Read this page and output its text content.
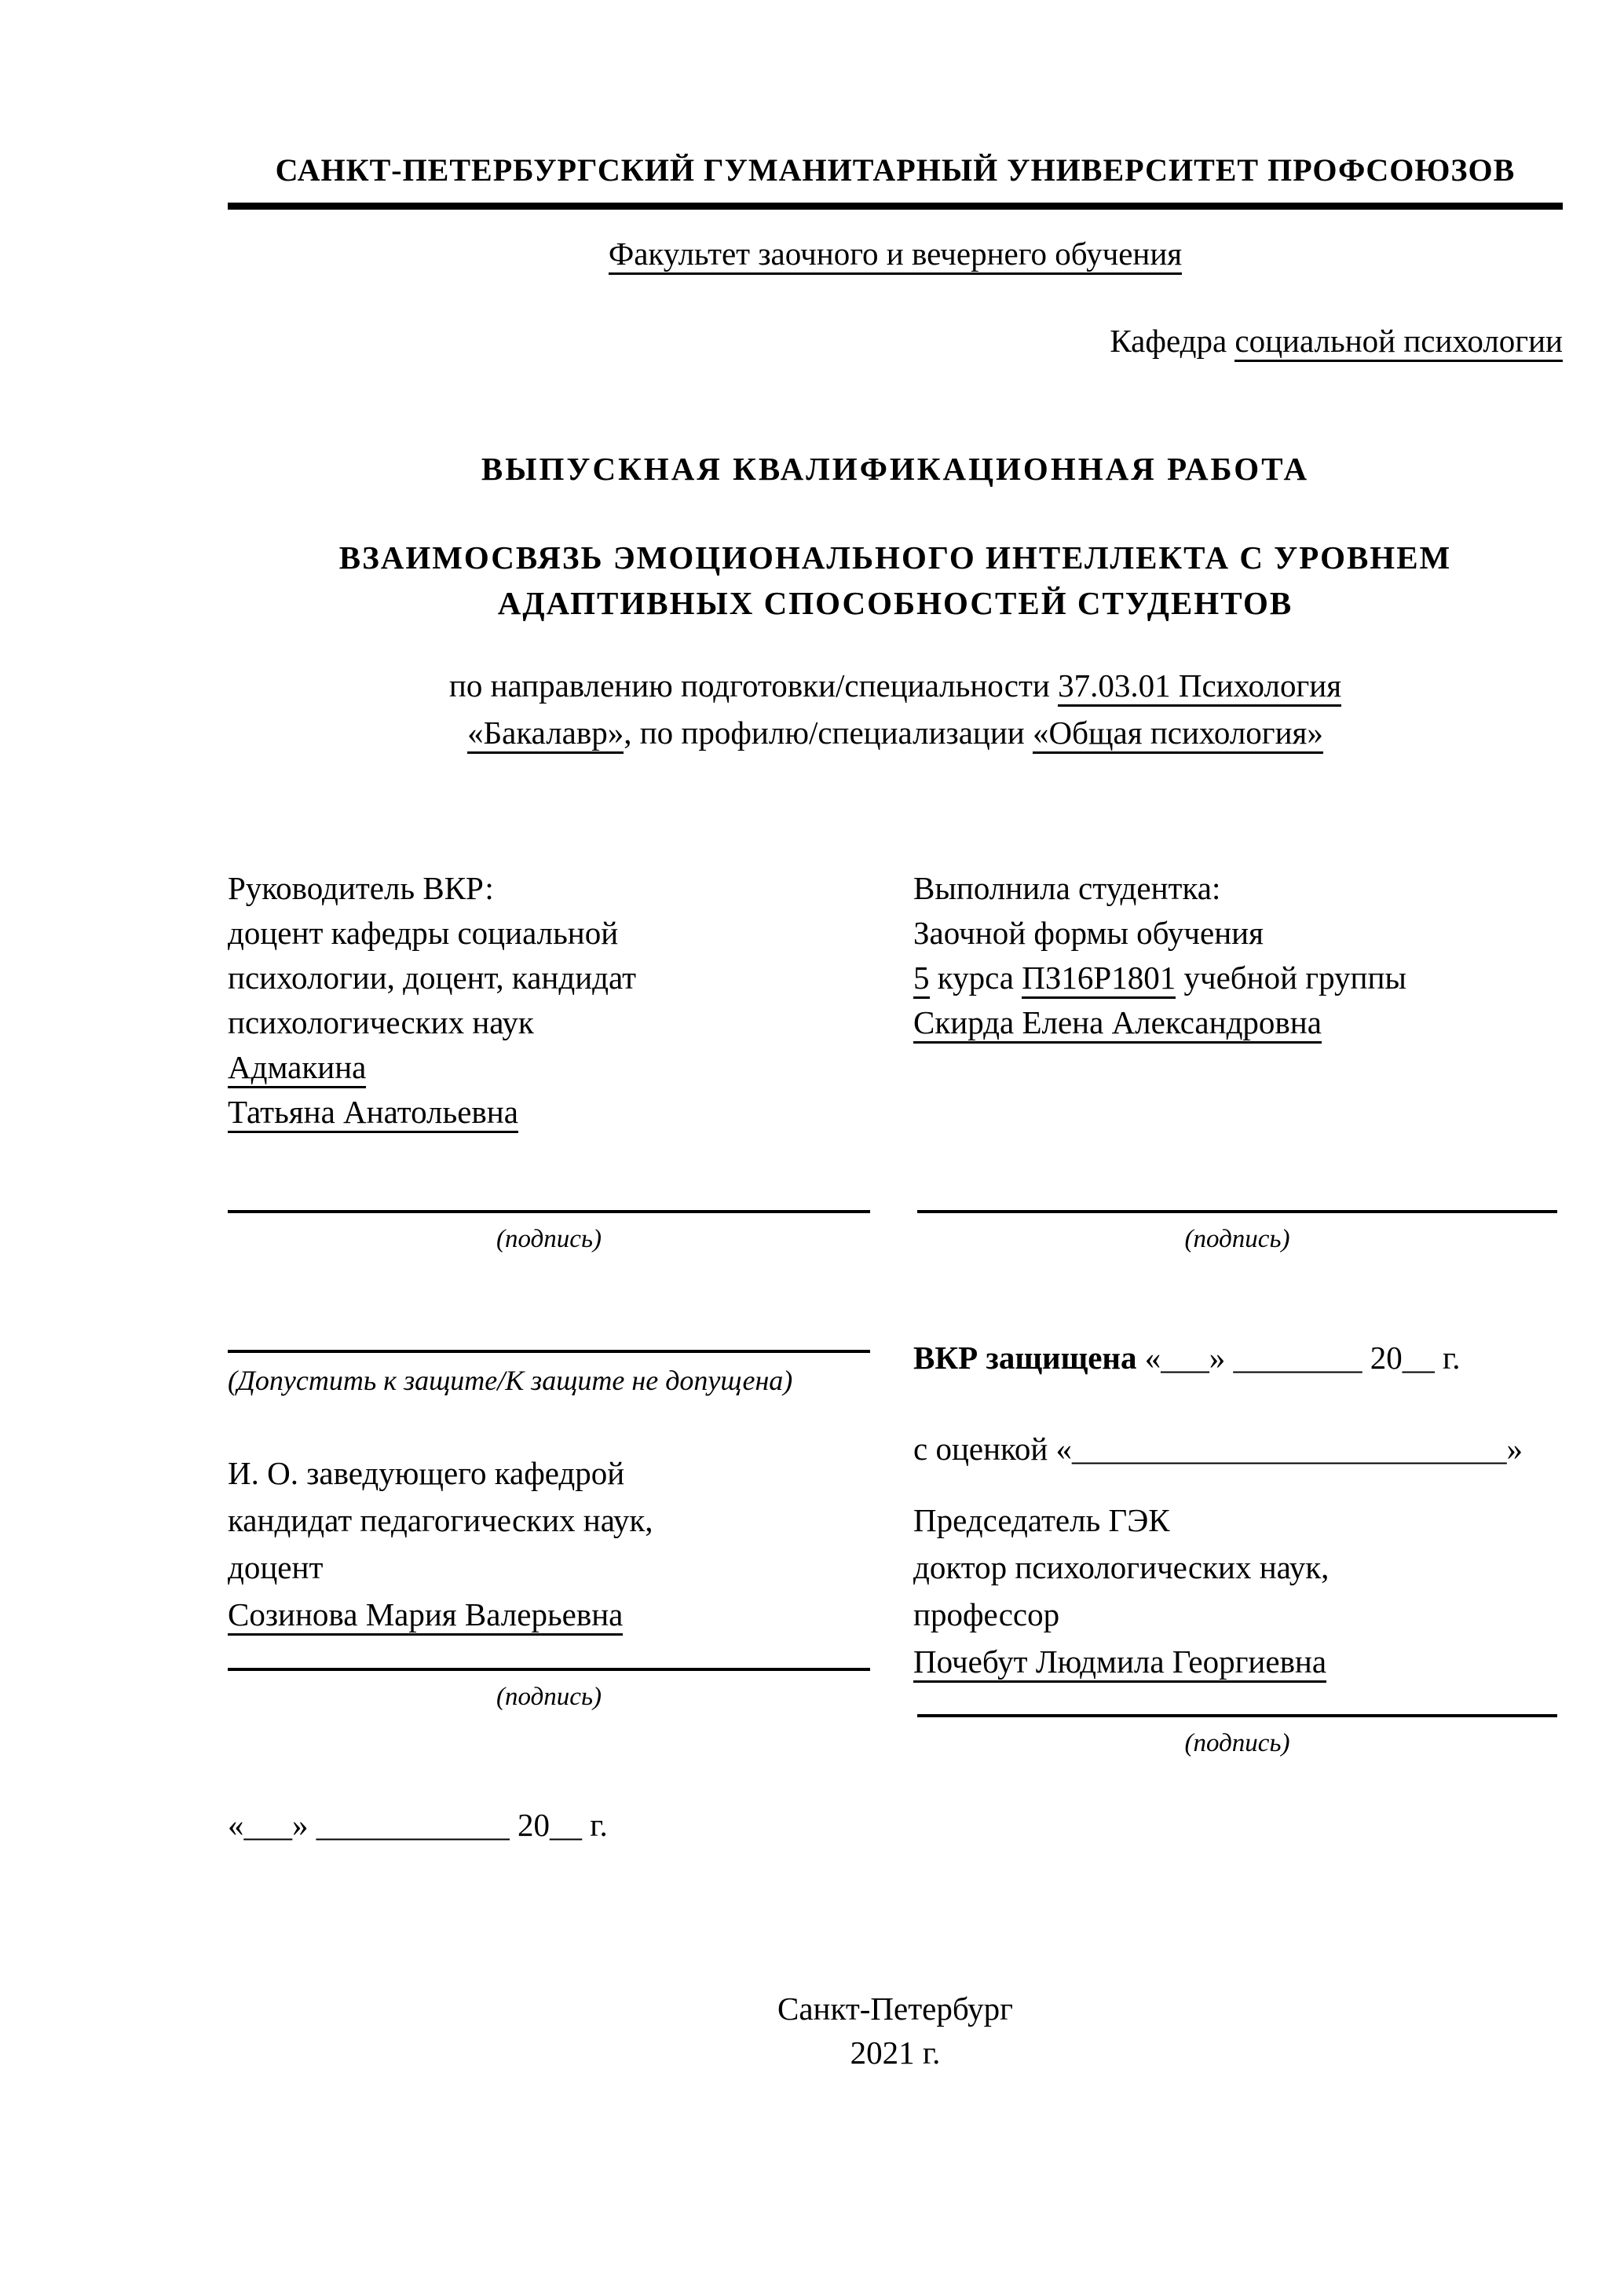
САНКТ-ПЕТЕРБУРГСКИЙ ГУМАНИТАРНЫЙ УНИВЕРСИТЕТ ПРОФСОЮЗОВ
Факультет заочного и вечернего обучения
Кафедра социальной психологии
ВЫПУСКНАЯ КВАЛИФИКАЦИОННАЯ РАБОТА
ВЗАИМОСВЯЗЬ ЭМОЦИОНАЛЬНОГО ИНТЕЛЛЕКТА С УРОВНЕМ
АДАПТИВНЫХ СПОСОБНОСТЕЙ СТУДЕНТОВ
по направлению подготовки/специальности 37.03.01 Психология
«Бакалавр», по профилю/специализации «Общая психология»
Руководитель ВКР:
доцент кафедры социальной
психологии, доцент, кандидат
психологических наук
Адмакина
Татьяна Анатольевна
Выполнила студентка:
Заочной формы обучения
5 курса ПЗ16Р1801 учебной группы
Скирда Елена Александровна
(подпись)	(подпись)
(Допустить к защите/К защите не допущена)
ВКР защищена «___» ________ 20__ г.
с оценкой «___________________________»
И. О. заведующего кафедрой
кандидат педагогических наук,
доцент
Созинова Мария Валерьевна
Председатель ГЭК
доктор психологических наук,
профессор
Почебут Людмила Георгиевна
(подпись)
(подпись)
«___» ____________ 20__ г.
Санкт-Петербург
2021 г.
